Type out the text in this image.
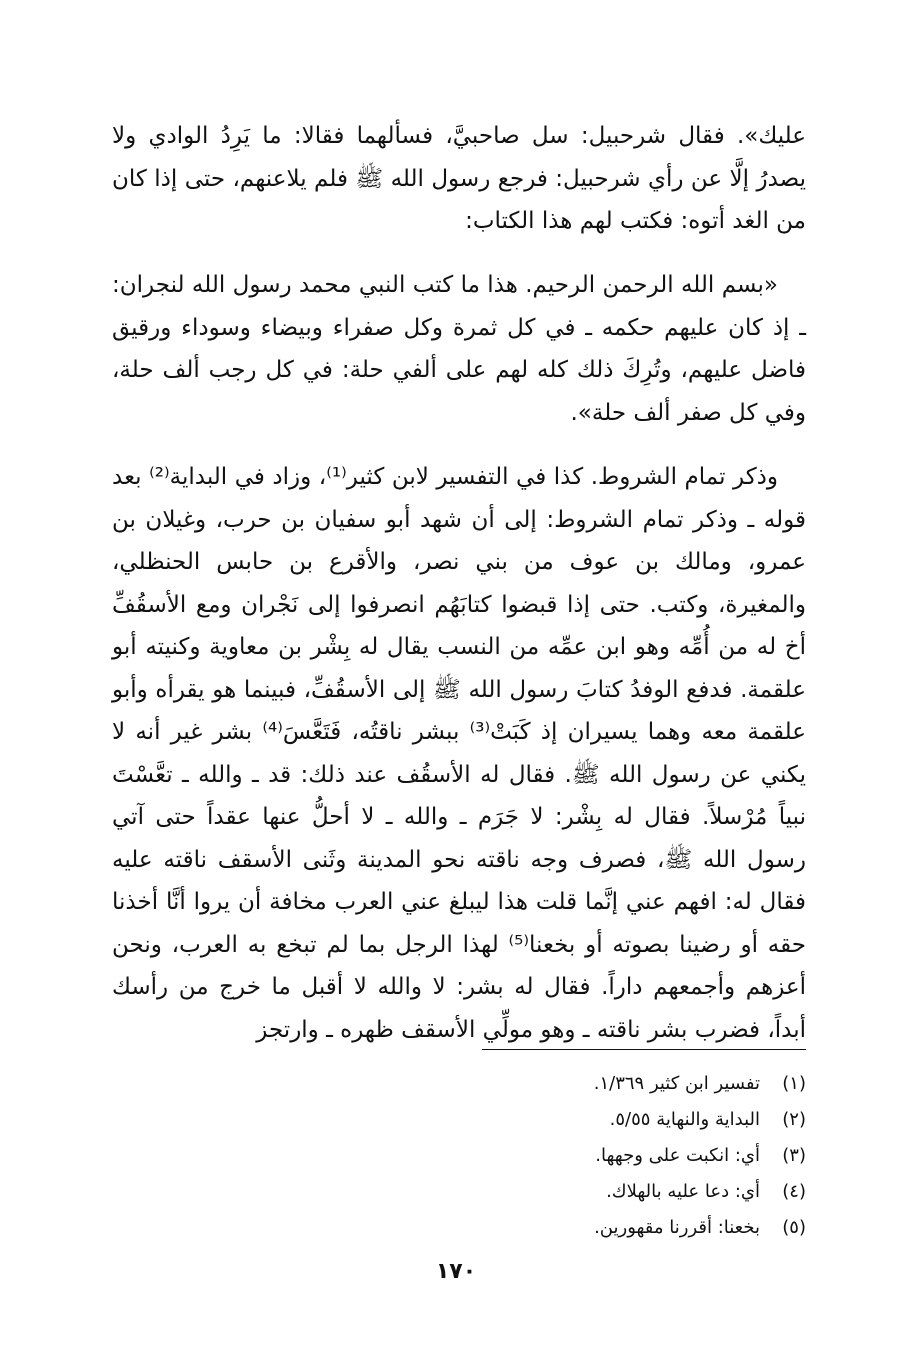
عليك». فقال شرحبيل: سل صاحبيَّ، فسألهما فقالا: ما يَرِدُ الوادي ولا يصدرُ إلَّا عن رأي شرحبيل: فرجع رسول الله ﷺ فلم يلاعنهم، حتى إذا كان من الغد أتوه: فكتب لهم هذا الكتاب:

«بسم الله الرحمن الرحيم. هذا ما كتب النبي محمد رسول الله لنجران: ـ إذ كان عليهم حكمه ـ في كل ثمرة وكل صفراء وبيضاء وسوداء ورقيق فاضل عليهم، وتُرِكَ ذلك كله لهم على ألفي حلة: في كل رجب ألف حلة، وفي كل صفر ألف حلة».

وذكر تمام الشروط. كذا في التفسير لابن كثير⁽¹⁾، وزاد في البداية⁽²⁾ بعد قوله ـ وذكر تمام الشروط: إلى أن شهد أبو سفيان بن حرب، وغيلان بن عمرو، ومالك بن عوف من بني نصر، والأقرع بن حابس الحنظلي، والمغيرة، وكتب. حتى إذا قبضوا كتابَهُم انصرفوا إلى نَجْران ومع الأسقُفِّ أخ له من أُمِّه وهو ابن عمِّه من النسب يقال له بِشْر بن معاوية وكنيته أبو علقمة. فدفع الوفدُ كتابَ رسول الله ﷺ إلى الأسقُفِّ، فبينما هو يقرأه وأبو علقمة معه وهما يسيران إذ كَبَتْ⁽³⁾ ببشر ناقتُه، فَتَعَّسَ⁽⁴⁾ بشر غير أنه لا يكني عن رسول الله ﷺ. فقال له الأسقُف عند ذلك: قد ـ والله ـ تعَّسْتَ نبياً مُرْسلاً. فقال له بِشْر: لا جَرَم ـ والله ـ لا أحلُّ عنها عقداً حتى آتي رسول الله ﷺ، فصرف وجه ناقته نحو المدينة وثَنى الأسقف ناقته عليه فقال له: افهم عني إنَّما قلت هذا ليبلغ عني العرب مخافة أن يروا أنَّا أخذنا حقه أو رضينا بصوته أو بخعنا⁽⁵⁾ لهذا الرجل بما لم تبخع به العرب، ونحن أعزهم وأجمعهم داراً. فقال له بشر: لا والله لا أقبل ما خرج من رأسك أبداً، فضرب بشر ناقته ـ وهو مولِّي الأسقف ظهره ـ وارتجز

(١)
تفسير ابن كثير ١/٣٦٩.
(٢)
البداية والنهاية ٥/٥٥.
(٣)
أي: انكبت على وجهها.
(٤)
أي: دعا عليه بالهلاك.
(٥)
بخعنا: أقررنا مقهورين.
١٧٠
